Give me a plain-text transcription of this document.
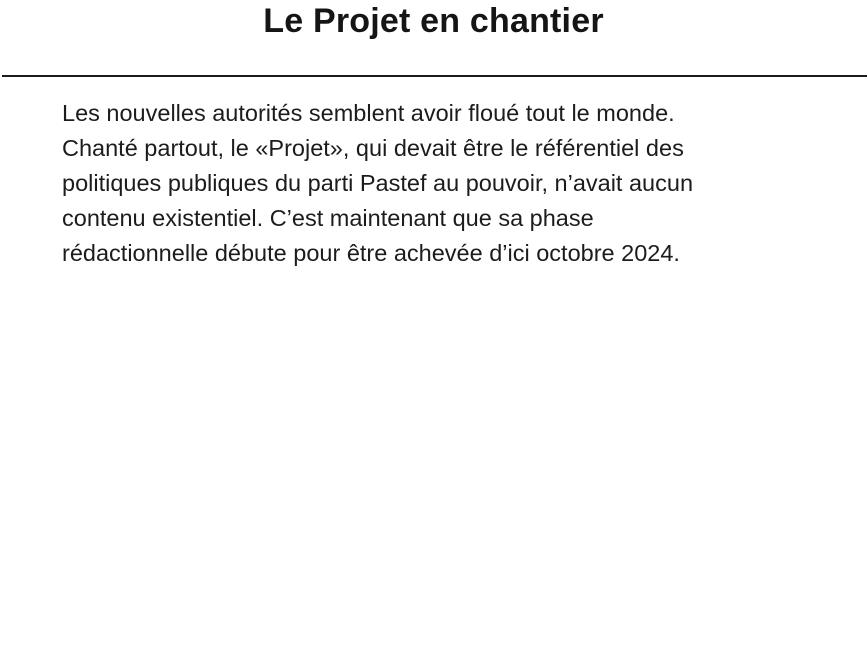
Le Projet en chantier

Les nouvelles autorités semblent avoir floué tout le monde.
Chanté partout, le «Projet», qui devait être le référentiel des
politiques publiques du parti Pastef au pouvoir, n’avait aucun
contenu existentiel. C’est maintenant que sa phase
rédactionnelle débute pour être achevée d’ici octobre 2024.
